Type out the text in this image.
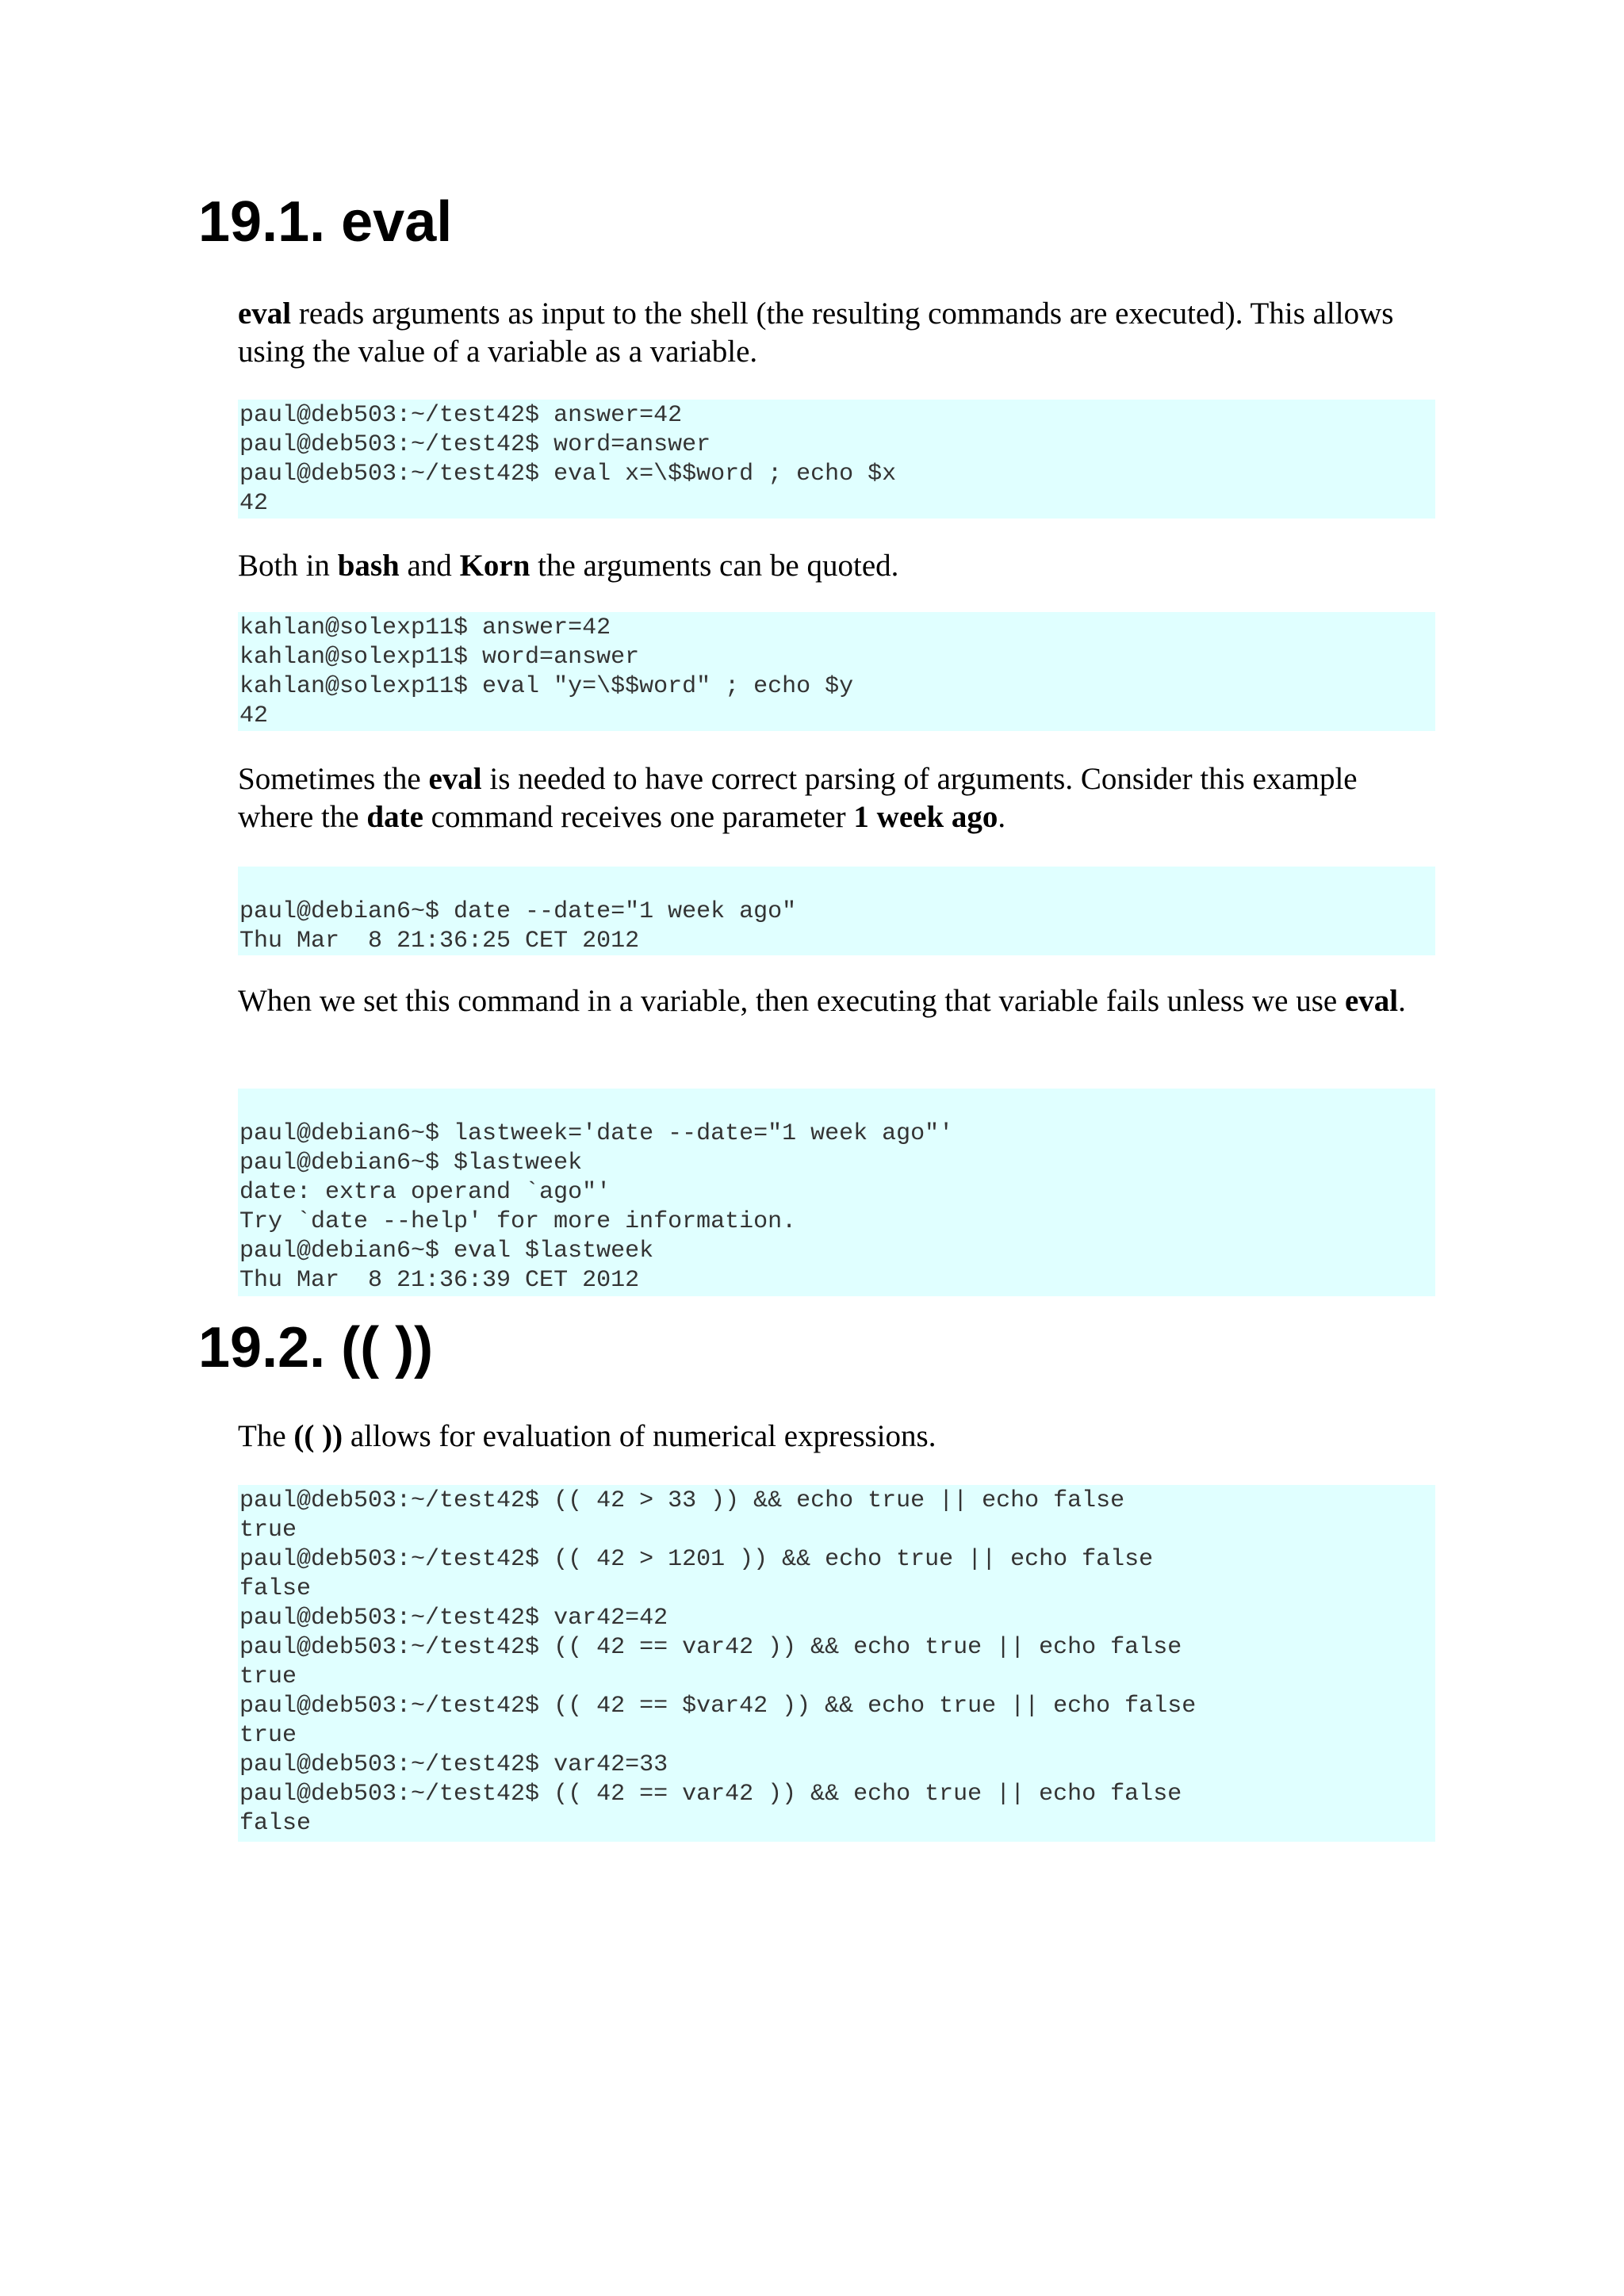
19.1. eval

eval reads arguments as input to the shell (the resulting commands are executed). This allows using the value of a variable as a variable.

paul@deb503:~/test42$ answer=42
paul@deb503:~/test42$ word=answer
paul@deb503:~/test42$ eval x=\$$word ; echo $x
42

Both in bash and Korn the arguments can be quoted.

kahlan@solexp11$ answer=42
kahlan@solexp11$ word=answer
kahlan@solexp11$ eval "y=\$$word" ; echo $y
42

Sometimes the eval is needed to have correct parsing of arguments. Consider this example where the date command receives one parameter 1 week ago.

paul@debian6~$ date --date="1 week ago"
Thu Mar  8 21:36:25 CET 2012

When we set this command in a variable, then executing that variable fails unless we use eval.

paul@debian6~$ lastweek='date --date="1 week ago"'
paul@debian6~$ $lastweek
date: extra operand `ago"'
Try `date --help' for more information.
paul@debian6~$ eval $lastweek
Thu Mar  8 21:36:39 CET 2012
19.2. (( ))

The (( )) allows for evaluation of numerical expressions.

paul@deb503:~/test42$ (( 42 > 33 )) && echo true || echo false
true
paul@deb503:~/test42$ (( 42 > 1201 )) && echo true || echo false
false
paul@deb503:~/test42$ var42=42
paul@deb503:~/test42$ (( 42 == var42 )) && echo true || echo false
true
paul@deb503:~/test42$ (( 42 == $var42 )) && echo true || echo false
true
paul@deb503:~/test42$ var42=33
paul@deb503:~/test42$ (( 42 == var42 )) && echo true || echo false
false
